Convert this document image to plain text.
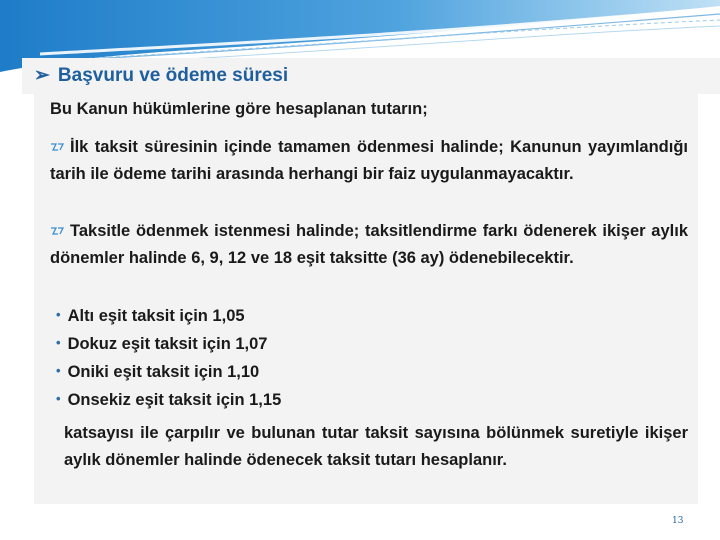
➢ Başvuru ve ödeme süresi
Bu Kanun hükümlerine göre hesaplanan tutarın;
İlk taksit süresinin içinde tamamen ödenmesi halinde; Kanunun yayımlandığı tarih ile ödeme tarihi arasında herhangi bir faiz uygulanmayacaktır.
Taksitle ödenmek istenmesi halinde; taksitlendirme farkı ödenerek ikişer aylık dönemler halinde 6, 9, 12 ve 18 eşit taksitte (36 ay) ödenebilecektir.
• Altı eşit taksit için 1,05
• Dokuz eşit taksit için 1,07
• Oniki eşit taksit için 1,10
• Onsekiz eşit taksit için 1,15
katsayısı ile çarpılır ve bulunan tutar taksit sayısına bölünmek suretiyle ikişer aylık dönemler halinde ödenecek taksit tutarı hesaplanır.
13
